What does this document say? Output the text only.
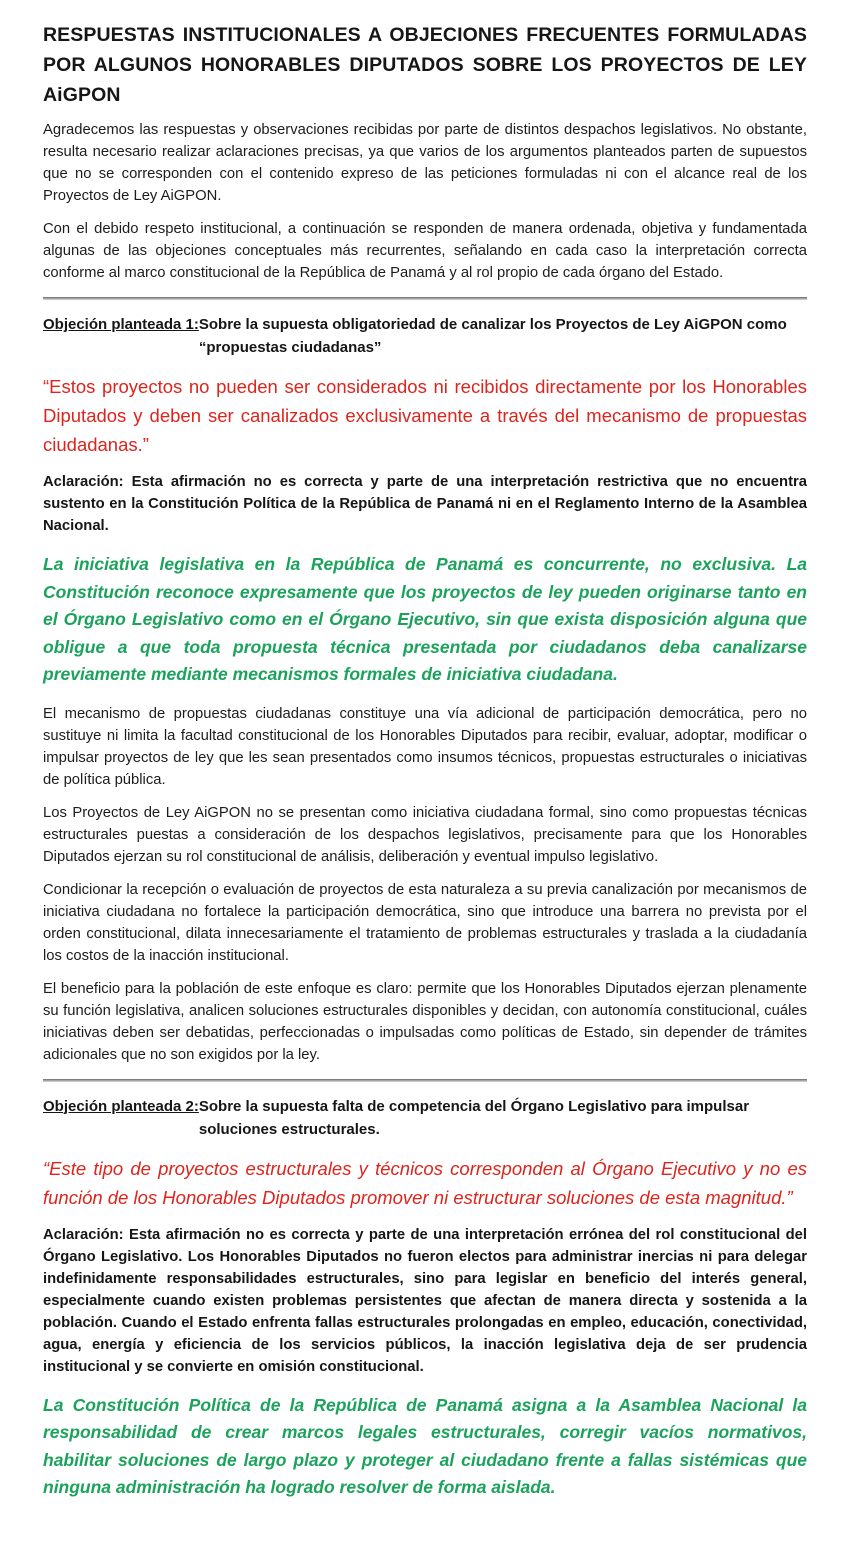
RESPUESTAS INSTITUCIONALES A OBJECIONES FRECUENTES FORMULADAS POR ALGUNOS HONORABLES DIPUTADOS SOBRE LOS PROYECTOS DE LEY AiGPON

Agradecemos las respuestas y observaciones recibidas por parte de distintos despachos legislativos. No obstante, resulta necesario realizar aclaraciones precisas, ya que varios de los argumentos planteados parten de supuestos que no se corresponden con el contenido expreso de las peticiones formuladas ni con el alcance real de los Proyectos de Ley AiGPON.

Con el debido respeto institucional, a continuación se responden de manera ordenada, objetiva y fundamentada algunas de las objeciones conceptuales más recurrentes, señalando en cada caso la interpretación correcta conforme al marco constitucional de la República de Panamá y al rol propio de cada órgano del Estado.

Objeción planteada 1: Sobre la supuesta obligatoriedad de canalizar los Proyectos de Ley AiGPON como “propuestas ciudadanas”

“Estos proyectos no pueden ser considerados ni recibidos directamente por los Honorables Diputados y deben ser canalizados exclusivamente a través del mecanismo de propuestas ciudadanas.”

Aclaración: Esta afirmación no es correcta y parte de una interpretación restrictiva que no encuentra sustento en la Constitución Política de la República de Panamá ni en el Reglamento Interno de la Asamblea Nacional.

La iniciativa legislativa en la República de Panamá es concurrente, no exclusiva. La Constitución reconoce expresamente que los proyectos de ley pueden originarse tanto en el Órgano Legislativo como en el Órgano Ejecutivo, sin que exista disposición alguna que obligue a que toda propuesta técnica presentada por ciudadanos deba canalizarse previamente mediante mecanismos formales de iniciativa ciudadana.

El mecanismo de propuestas ciudadanas constituye una vía adicional de participación democrática, pero no sustituye ni limita la facultad constitucional de los Honorables Diputados para recibir, evaluar, adoptar, modificar o impulsar proyectos de ley que les sean presentados como insumos técnicos, propuestas estructurales o iniciativas de política pública.

Los Proyectos de Ley AiGPON no se presentan como iniciativa ciudadana formal, sino como propuestas técnicas estructurales puestas a consideración de los despachos legislativos, precisamente para que los Honorables Diputados ejerzan su rol constitucional de análisis, deliberación y eventual impulso legislativo.

Condicionar la recepción o evaluación de proyectos de esta naturaleza a su previa canalización por mecanismos de iniciativa ciudadana no fortalece la participación democrática, sino que introduce una barrera no prevista por el orden constitucional, dilata innecesariamente el tratamiento de problemas estructurales y traslada a la ciudadanía los costos de la inacción institucional.

El beneficio para la población de este enfoque es claro: permite que los Honorables Diputados ejerzan plenamente su función legislativa, analicen soluciones estructurales disponibles y decidan, con autonomía constitucional, cuáles iniciativas deben ser debatidas, perfeccionadas o impulsadas como políticas de Estado, sin depender de trámites adicionales que no son exigidos por la ley.

Objeción planteada 2: Sobre la supuesta falta de competencia del Órgano Legislativo para impulsar soluciones estructurales.

“Este tipo de proyectos estructurales y técnicos corresponden al Órgano Ejecutivo y no es función de los Honorables Diputados promover ni estructurar soluciones de esta magnitud.”

Aclaración: Esta afirmación no es correcta y parte de una interpretación errónea del rol constitucional del Órgano Legislativo. Los Honorables Diputados no fueron electos para administrar inercias ni para delegar indefinidamente responsabilidades estructurales, sino para legislar en beneficio del interés general, especialmente cuando existen problemas persistentes que afectan de manera directa y sostenida a la población. Cuando el Estado enfrenta fallas estructurales prolongadas en empleo, educación, conectividad, agua, energía y eficiencia de los servicios públicos, la inacción legislativa deja de ser prudencia institucional y se convierte en omisión constitucional.

La Constitución Política de la República de Panamá asigna a la Asamblea Nacional la responsabilidad de crear marcos legales estructurales, corregir vacíos normativos, habilitar soluciones de largo plazo y proteger al ciudadano frente a fallas sistémicas que ninguna administración ha logrado resolver de forma aislada.
